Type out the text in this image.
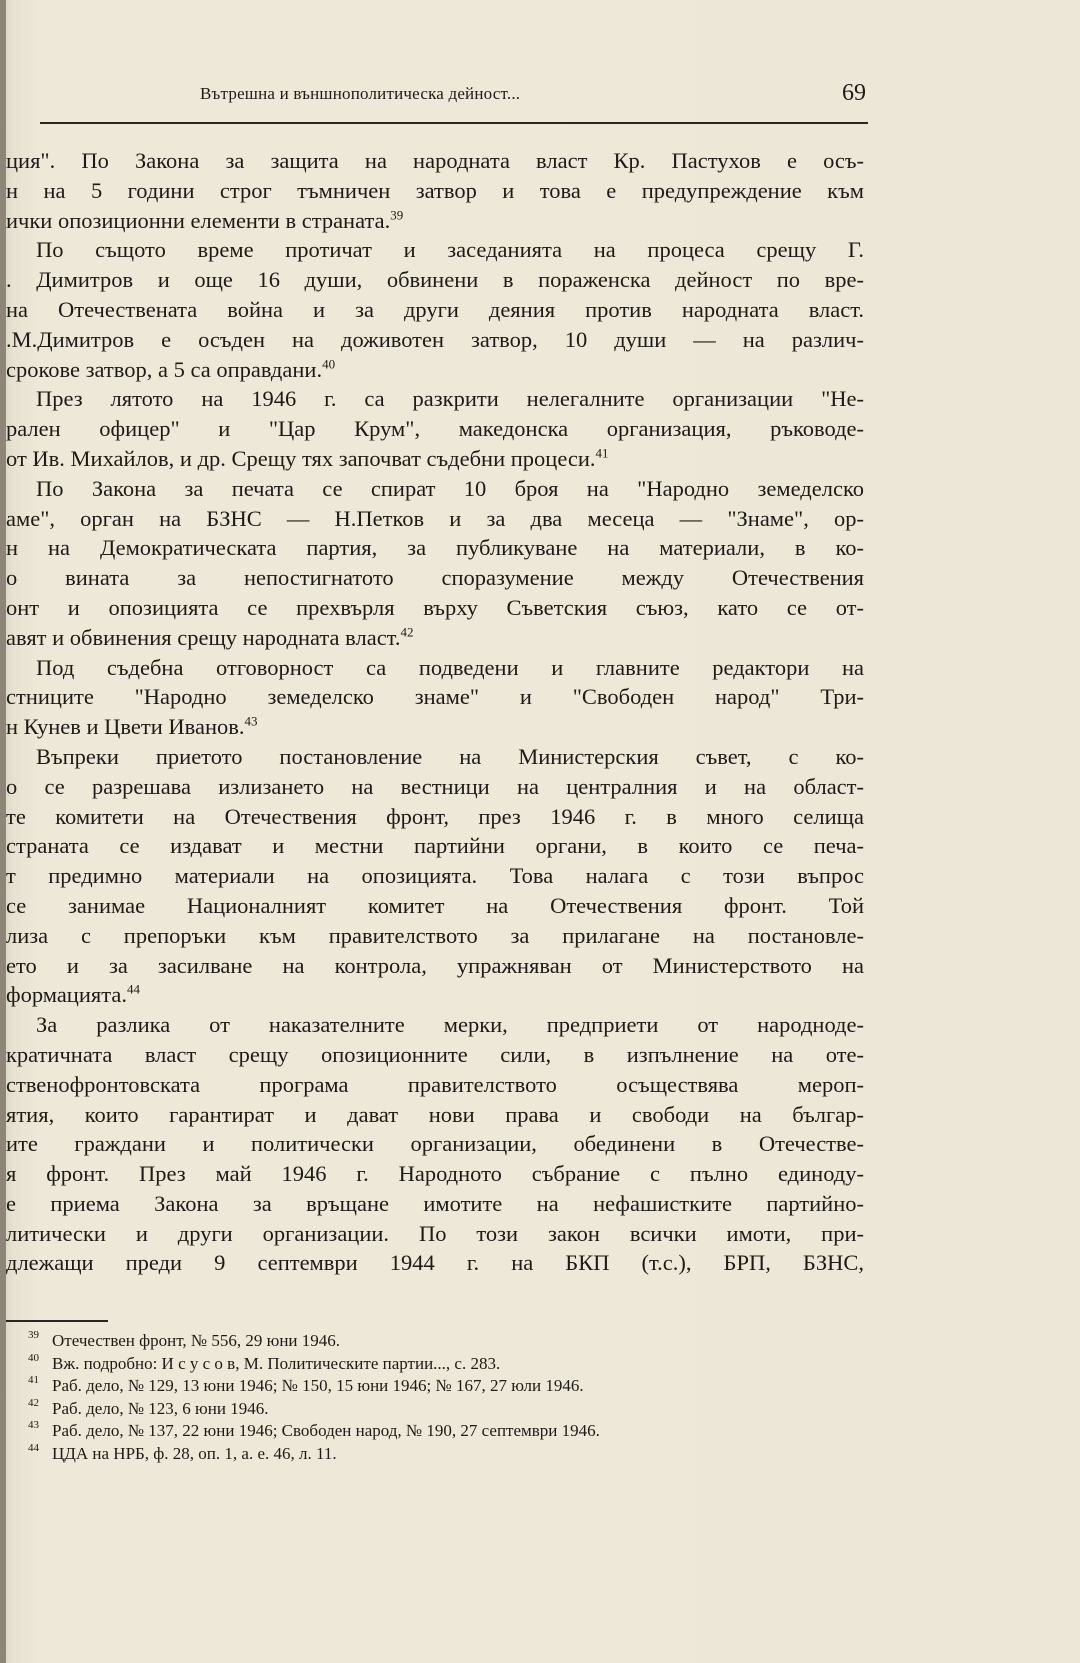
Вътрешна и външнополитическа дейност...	69
ция". По Закона за защита на народната власт Кр. Пастухов е осъ-
н на 5 години строг тъмничен затвор и това е предупреждение към
ички опозиционни елементи в страната.$^{39}$
По същото време протичат и заседанията на процеса срещу Г.
. Димитров и още 16 души, обвинени в пораженска дейност по вре-
на Отечествената война и за други деяния против народната власт.
.М.Димитров е осъден на доживотен затвор, 10 души — на различ-
срокове затвор, а 5 са оправдани.$^{40}$
През лятото на 1946 г. са разкрити нелегалните организации "Не-
рален офицер" и "Цар Крум", македонска организация, ръководе-
от Ив. Михайлов, и др. Срещу тях започват съдебни процеси.$^{41}$
По Закона за печата се спират 10 броя на "Народно земеделско
аме", орган на БЗНС — Н.Петков и за два месеца — "Знаме", ор-
н на Демократическата партия, за публикуване на материали, в ко-
о вината за непостигнатото споразумение между Отечествения
онт и опозицията се прехвърля върху Съветския съюз, като се от-
авят и обвинения срещу народната власт.$^{42}$
Под съдебна отговорност са подведени и главните редактори на
стниците "Народно земеделско знаме" и "Свободен народ" Три-
н Кунев и Цвети Иванов.$^{43}$
Въпреки приетото постановление на Министерския съвет, с ко-
о се разрешава излизането на вестници на централния и на област-
те комитети на Отечествения фронт, през 1946 г. в много селища
страната се издават и местни партийни органи, в които се печа-
т предимно материали на опозицията. Това налага с този въпрос
се занимае Националният комитет на Отечествения фронт. Той
лиза с препоръки към правителството за прилагане на постановле-
ето и за засилване на контрола, упражняван от Министерството на
формацията.$^{44}$
За разлика от наказателните мерки, предприети от народноде-
кратичната власт срещу опозиционните сили, в изпълнение на оте-
ственофронтовската програма правителството осъществява мероп-
ятия, които гарантират и дават нови права и свободи на българ-
ите граждани и политически организации, обединени в Отечестве-
я фронт. През май 1946 г. Народното събрание с пълно единоду-
е приема Закона за връщане имотите на нефашистките партийно-
литически и други организации. По този закон всички имоти, при-
длежащи преди 9 септември 1944 г. на БКП (т.с.), БРП, БЗНС,
39 Отечествен фронт, № 556, 29 юни 1946.
40 Вж. подробно: И с у с о в, М. Политическите партии..., с. 283.
41 Раб. дело, № 129, 13 юни 1946; № 150, 15 юни 1946; № 167, 27 юли 1946.
42 Раб. дело, № 123, 6 юни 1946.
43 Раб. дело, № 137, 22 юни 1946; Свободен народ, № 190, 27 септември 1946.
44 ЦДА на НРБ, ф. 28, оп. 1, а. е. 46, л. 11.
